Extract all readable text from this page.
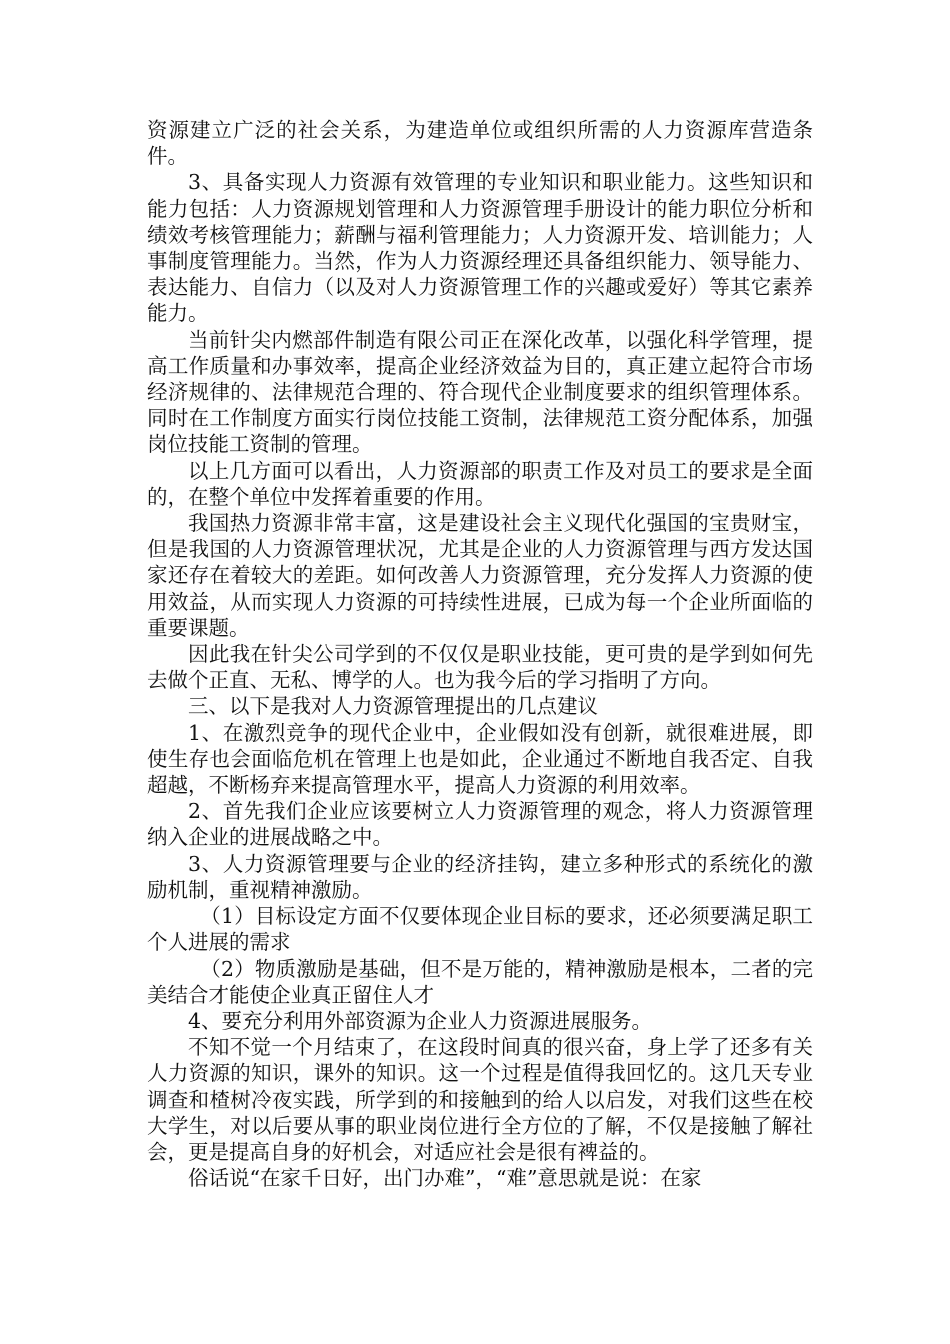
资源建立广泛的社会关系，为建造单位或组织所需的人力资源库营造条件。

3、具备实现人力资源有效管理的专业知识和职业能力。这些知识和能力包括：人力资源规划管理和人力资源管理手册设计的能力职位分析和绩效考核管理能力；薪酬与福利管理能力；人力资源开发、培训能力；人事制度管理能力。当然，作为人力资源经理还具备组织能力、领导能力、表达能力、自信力（以及对人力资源管理工作的兴趣或爱好）等其它素养能力。

当前针尖内燃部件制造有限公司正在深化改革，以强化科学管理，提高工作质量和办事效率，提高企业经济效益为目的，真正建立起符合市场经济规律的、法律规范合理的、符合现代企业制度要求的组织管理体系。同时在工作制度方面实行岗位技能工资制，法律规范工资分配体系，加强岗位技能工资制的管理。

以上几方面可以看出，人力资源部的职责工作及对员工的要求是全面的，在整个单位中发挥着重要的作用。

我国热力资源非常丰富，这是建设社会主义现代化强国的宝贵财宝，但是我国的人力资源管理状况，尤其是企业的人力资源管理与西方发达国家还存在着较大的差距。如何改善人力资源管理，充分发挥人力资源的使用效益，从而实现人力资源的可持续性进展，已成为每一个企业所面临的重要课题。

因此我在针尖公司学到的不仅仅是职业技能，更可贵的是学到如何先去做个正直、无私、博学的人。也为我今后的学习指明了方向。

三、以下是我对人力资源管理提出的几点建议

1、在激烈竞争的现代企业中，企业假如没有创新，就很难进展，即使生存也会面临危机在管理上也是如此，企业通过不断地自我否定、自我超越，不断杨弃来提高管理水平，提高人力资源的利用效率。

2、首先我们企业应该要树立人力资源管理的观念，将人力资源管理纳入企业的进展战略之中。

3、人力资源管理要与企业的经济挂钩，建立多种形式的系统化的激励机制，重视精神激励。

（1）目标设定方面不仅要体现企业目标的要求，还必须要满足职工个人进展的需求

（2）物质激励是基础，但不是万能的，精神激励是根本，二者的完美结合才能使企业真正留住人才

4、要充分利用外部资源为企业人力资源进展服务。

不知不觉一个月结束了，在这段时间真的很兴奋，身上学了还多有关人力资源的知识，课外的知识。这一个过程是值得我回忆的。这几天专业调查和楂树冷夜实践，所学到的和接触到的给人以启发，对我们这些在校大学生，对以后要从事的职业岗位进行全方位的了解，不仅是接触了解社会，更是提高自身的好机会，对适应社会是很有裨益的。

俗话说“在家千日好，出门办难”，“难”意思就是说：在家
